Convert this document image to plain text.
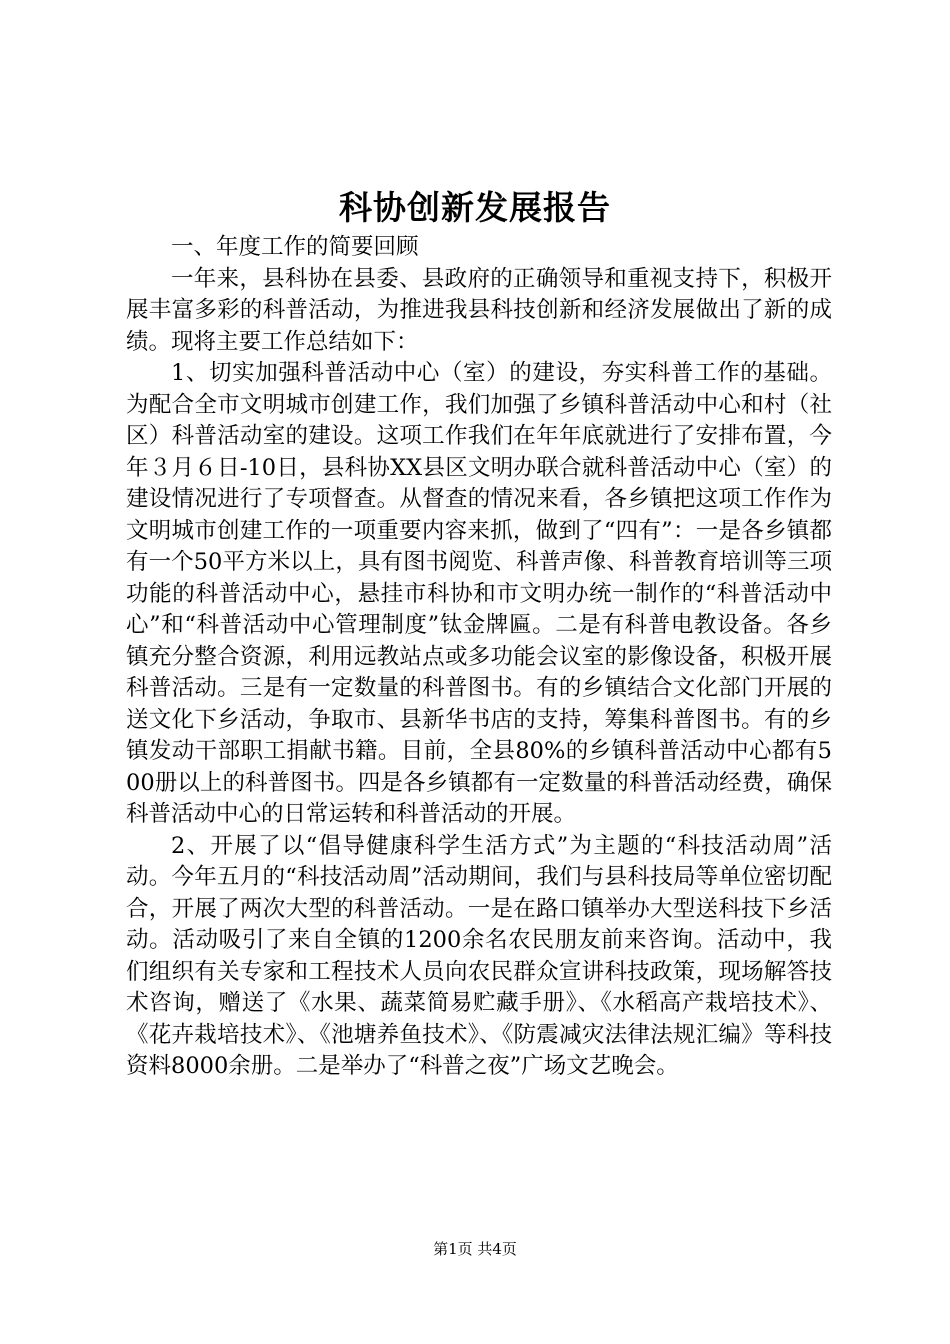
科协创新发展报告

一、年度工作的简要回顾

一年来，县科协在县委、县政府的正确领导和重视支持下，积极开展丰富多彩的科普活动，为推进我县科技创新和经济发展做出了新的成绩。现将主要工作总结如下：

1、切实加强科普活动中心（室）的建设，夯实科普工作的基础。为配合全市文明城市创建工作，我们加强了乡镇科普活动中心和村（社区）科普活动室的建设。这项工作我们在年年底就进行了安排布置，今年３月６日-10日，县科协XX县区文明办联合就科普活动中心（室）的建设情况进行了专项督查。从督查的情况来看，各乡镇把这项工作作为文明城市创建工作的一项重要内容来抓，做到了“四有”：一是各乡镇都有一个50平方米以上，具有图书阅览、科普声像、科普教育培训等三项功能的科普活动中心，悬挂市科协和市文明办统一制作的“科普活动中心”和“科普活动中心管理制度”钛金牌匾。二是有科普电教设备。各乡镇充分整合资源，利用远教站点或多功能会议室的影像设备，积极开展科普活动。三是有一定数量的科普图书。有的乡镇结合文化部门开展的送文化下乡活动，争取市、县新华书店的支持，筹集科普图书。有的乡镇发动干部职工捐献书籍。目前，全县80%的乡镇科普活动中心都有500册以上的科普图书。四是各乡镇都有一定数量的科普活动经费，确保科普活动中心的日常运转和科普活动的开展。

2、开展了以“倡导健康科学生活方式”为主题的“科技活动周”活动。今年五月的“科技活动周”活动期间，我们与县科技局等单位密切配合，开展了两次大型的科普活动。一是在路口镇举办大型送科技下乡活动。活动吸引了来自全镇的1200余名农民朋友前来咨询。活动中，我们组织有关专家和工程技术人员向农民群众宣讲科技政策，现场解答技术咨询，赠送了《水果、蔬菜简易贮藏手册》、《水稻高产栽培技术》、《花卉栽培技术》、《池塘养鱼技术》、《防震减灾法律法规汇编》等科技资料8000余册。二是举办了“科普之夜”广场文艺晚会。

第1页 共4页
